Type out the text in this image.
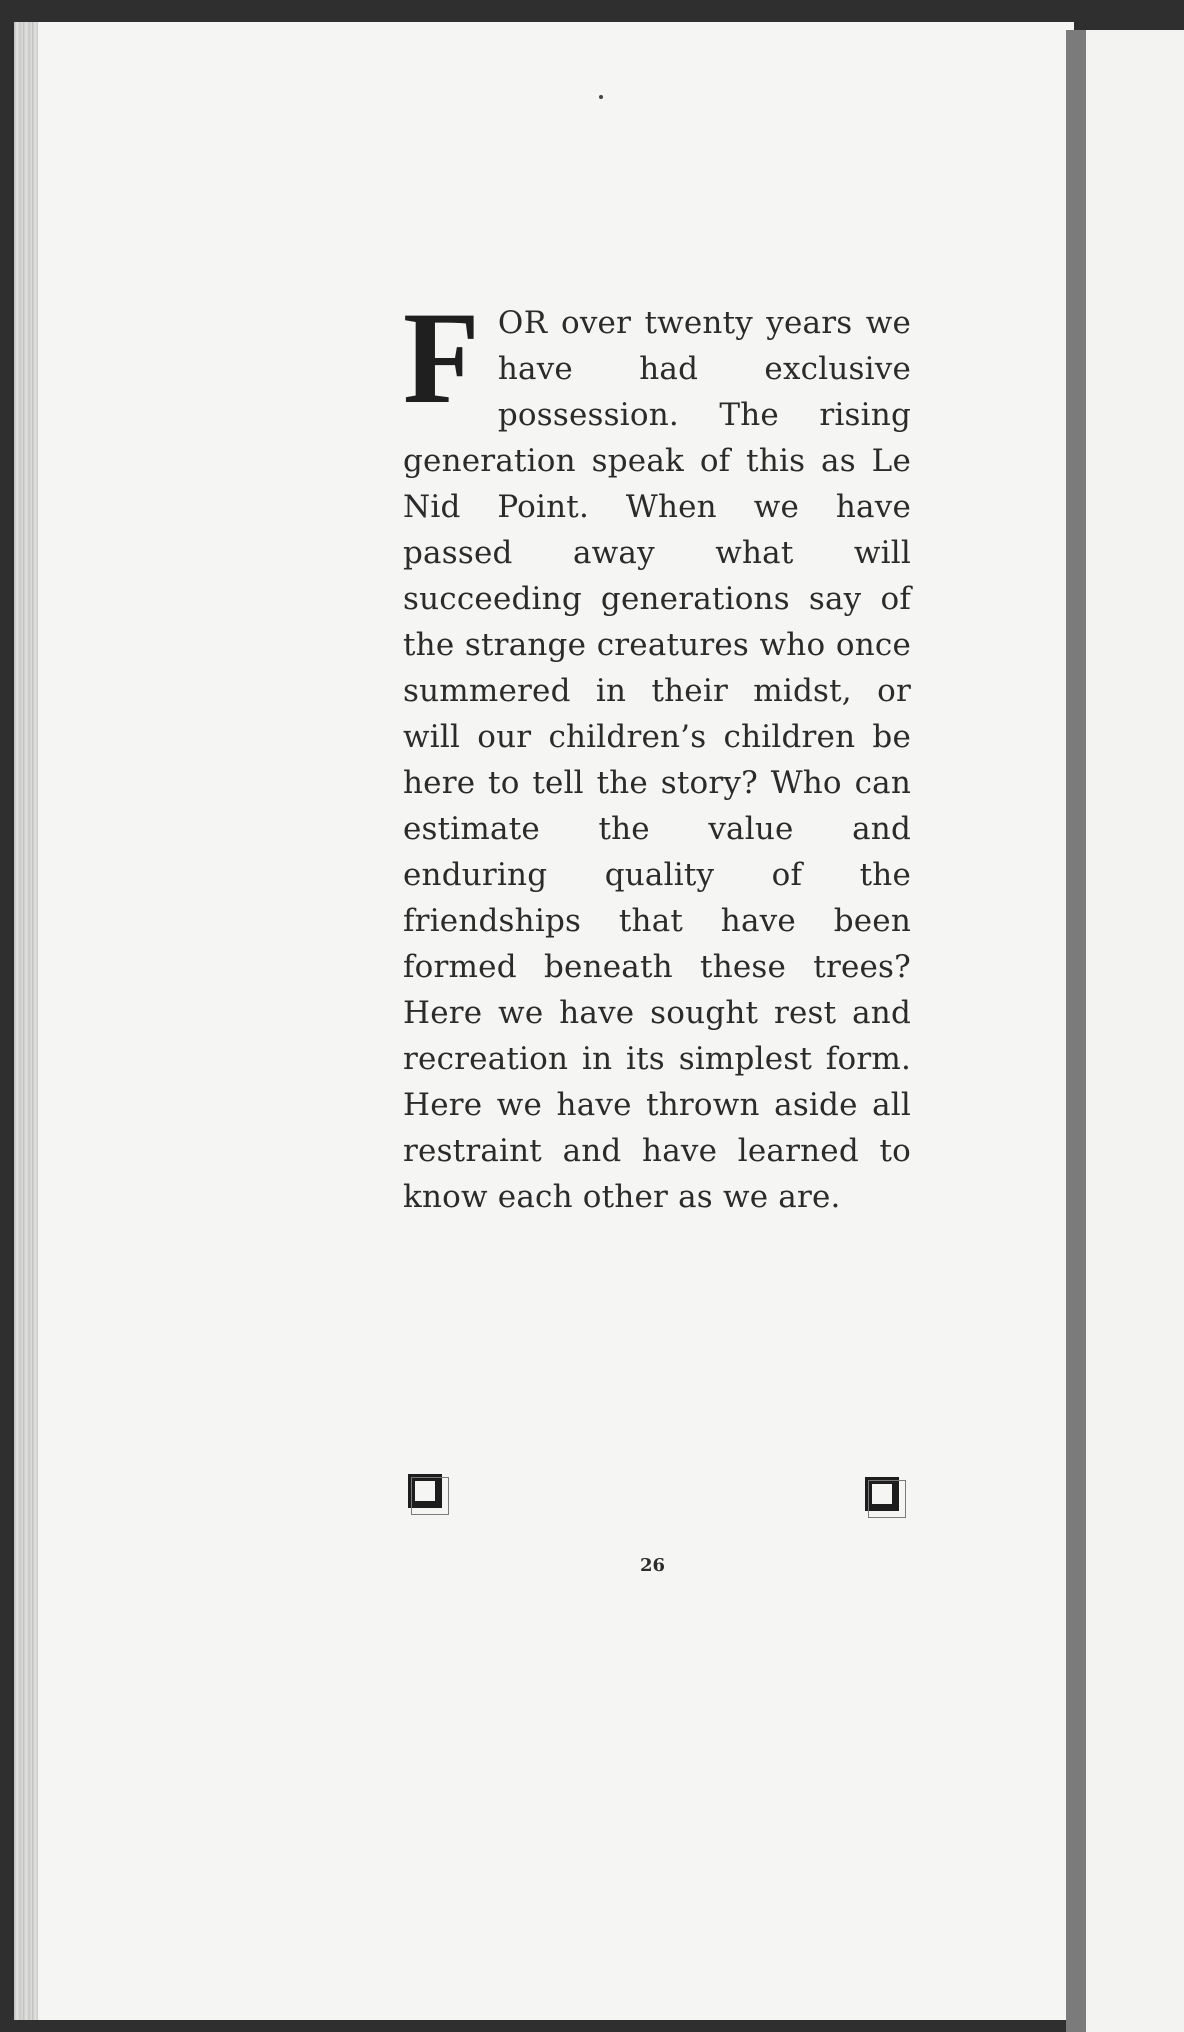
FOR over twenty years we have had exclusive possession. The rising generation speak of this as Le Nid Point. When we have passed away what will succeeding generations say of the strange creatures who once summered in their midst, or will our children’s children be here to tell the story? Who can estimate the value and enduring quality of the friendships that have been formed beneath these trees? Here we have sought rest and recreation in its simplest form. Here we have thrown aside all restraint and have learned to know each other as we are.
26
